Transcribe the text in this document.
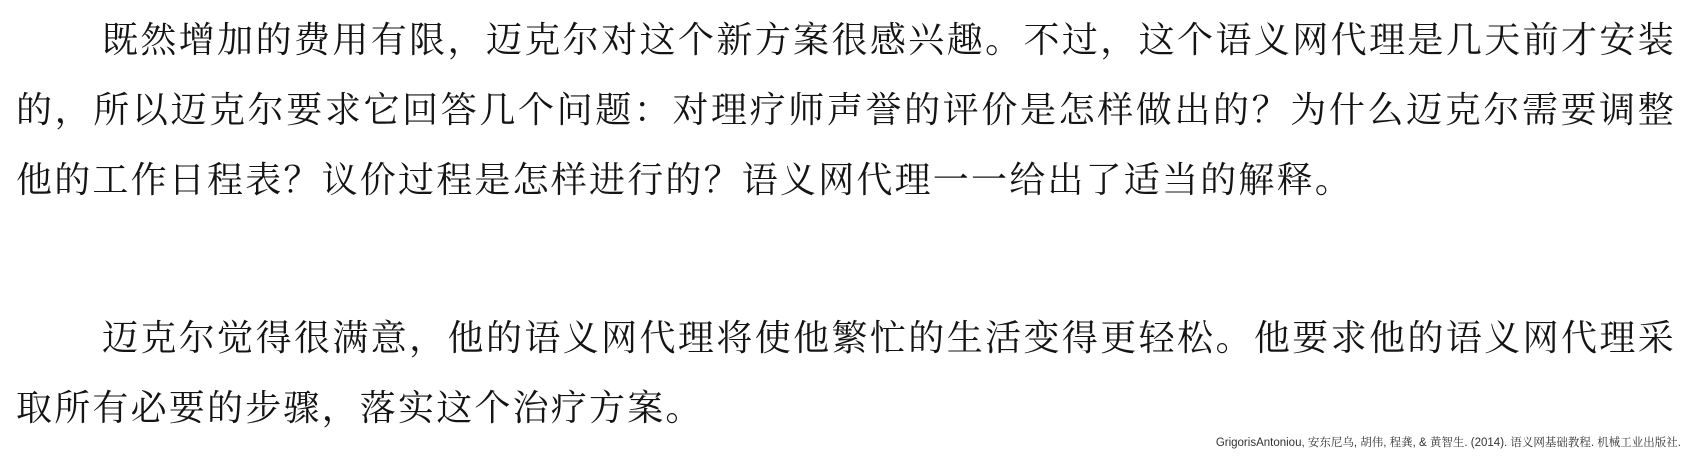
既然增加的费用有限，迈克尔对这个新方案很感兴趣。不过，这个语义网代理是几天前才安装的，所以迈克尔要求它回答几个问题：对理疗师声誉的评价是怎样做出的？为什么迈克尔需要调整他的工作日程表？议价过程是怎样进行的？语义网代理一一给出了适当的解释。

迈克尔觉得很满意，他的语义网代理将使他繁忙的生活变得更轻松。他要求他的语义网代理采取所有必要的步骤，落实这个治疗方案。

GrigorisAntoniou, 安东尼乌, 胡伟, 程龚, & 黄智生. (2014). 语义网基础教程. 机械工业出版社.
